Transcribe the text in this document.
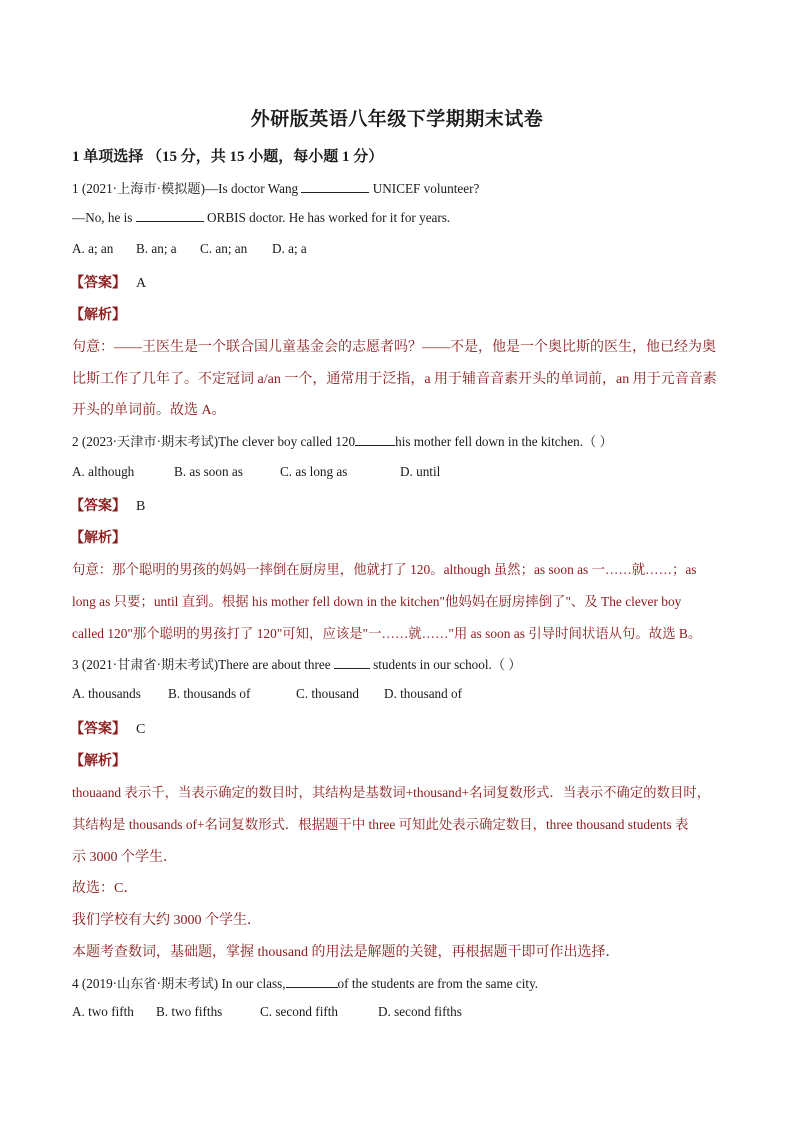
外研版英语八年级下学期期末试卷
1 单项选择 （15 分，共 15 小题，每小题 1 分）
1 (2021·上海市·模拟题)—Is doctor Wang	UNICEF volunteer?
—No, he is	ORBIS doctor. He has worked for it for years.
A. a; an B. an; a C. an; an D. a; a
【答案】 A
【解析】
句意：——王医生是一个联合国儿童基金会的志愿者吗？——不是，他是一个奥比斯的医生，他已经为奥
比斯工作了几年了。不定冠词 a/an 一个，通常用于泛指，a 用于辅音音素开头的单词前，an 用于元音音素
开头的单词前。故选 A。
2 (2023·天津市·期末考试)The clever boy called 120	his mother fell down in the kitchen.（ ）
A. although	B. as soon as	C. as long as	D. until
【答案】 B
【解析】
句意：那个聪明的男孩的妈妈一摔倒在厨房里，他就打了 120。although 虽然；as soon as 一……就……；as
long as 只要；until 直到。根据 his mother fell down in the kitchen"他妈妈在厨房摔倒了"、及 The clever boy
called 120"那个聪明的男孩打了 120"可知，应该是"一……就……"用 as soon as 引导时间状语从句。故选 B。
3 (2021·甘肃省·期末考试)There are about three	students in our school.（ ）
A. thousands B. thousands of	C. thousand D. thousand of
【答案】 C
【解析】
thouaand 表示千，当表示确定的数目时，其结构是基数词+thousand+名词复数形式．当表示不确定的数目时，
其结构是 thousands of+名词复数形式．根据题干中 three 可知此处表示确定数目，three thousand students 表
示 3000 个学生．
故选：C．
我们学校有大约 3000 个学生．
本题考查数词，基础题，掌握 thousand 的用法是解题的关键，再根据题干即可作出选择．
4 (2019·山东省·期末考试) In our class,	of the students are from the same city.
A. two fifth B. two fifths	C. second fifth	D. second fifths
